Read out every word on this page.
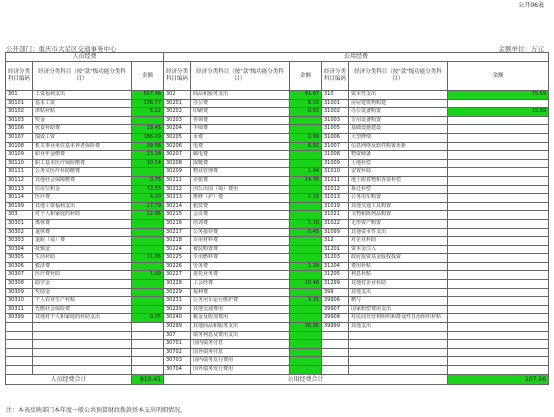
公开06表
公开部门：重庆市大足区交通事务中心	金额单位：万元
人员经费			公用经费					
经济分类科目编码	经济分类科目（按"款"级功能分类科目）	金额	经济分类科目编码	经济分类科目（按"款"级功能分类科目）	金额	经济分类科目编码	经济分类科目（按"款"级功能分类科目）	金额
301	工资福利支出	597.46	302	商品和服务支出	91.97	310	资本性支出	15.59
30101	基本工资	136.77	30201	办公费	6.02	31001	房屋建筑物购建	
30102	津贴补贴	5.22	30202	印刷费	0.55	31002	办公设备购置	15.59
30103	奖金		30203	咨询费		31003	专用设备购置	
30106	伙食补助费	19.45	30204	手续费		31005	基础设施建设	
30107	绩效工资	186.09	30205	水费	0.99	31006	大型修缮	
30108	机关事业单位基本养老保险费	39.56	30206	电费	6.55	31007	信息网络及软件购置更新	
30109	职业年金缴费	23.18	30207	邮电费		31008	物资储备	
30110	职工基本医疗保险缴费	20.14	30208	取暖费		31009	土地补偿	
30111	公务员医疗补助缴费		30209	物业管理费	1.94	31010	安置补助	
30112	其他社会保障缴费	0.75	30211	差旅费	24.76	31011	地上附着物和青苗补偿	
30113	住房公积金	32.33	30212	因公出国（境）费用		31012	拆迁补偿	
30114	医疗费	4.20	30213	维修（护）费	1.15	31013	公务用车购置	
30199	其他工资福利支出	17.79	30214	租赁费		31019	其他交通工具购置	
303	对个人和家庭的补助	12.95	30215	会议费		31021	文物和陈列品购置	
30301	离休费		30216	培训费	1.16	31022	无形资产购置	
30302	退休费		30217	公务接待费	0.45	31099	其他资本性支出	
30303	退职（役）费		30218	专用材料费		312	对企业补助	
30304	抚恤金		30224	被装购置费		31201	资本金注入	
30305	生活补助	11.86	30225	专用燃料费		31203	政府投资基金股权投资	
30306	救济费		30226	劳务费	1.29	31204	费用补贴	
30307	医疗费补助	1.09	30227	委托业务费		31205	利息补贴	
30308	助学金		30228	工会经费	10.46	31299	其他对企业补助	
30309	奖励金		30229	福利费		399	其他支出	
30310	个人农业生产补贴		30231	公务用车运行维护费	2.25	39906	赠与	
30311	代缴社会保险费		30239	其他交通费用		39907	国家赔偿费用支出	
30399	其他对个人和家庭的补助支出	0.05	30240	税金及附加费用		39908	对民间非营利组织和群众性自治组织补贴	
			30299	其他商品和服务支出	26.36	39999	其他支出	
			307	债务利息及费用支出				
			30701	国内债务付息				
			30702	国外债务付息				
			30703	国内债务发行费用				
			30704	国外债务发行费用				
人员经费合计		610.41	公用经费合计					107.56
注：本表反映部门本年度一般公共预算财政拨款基本支出明细情况。
